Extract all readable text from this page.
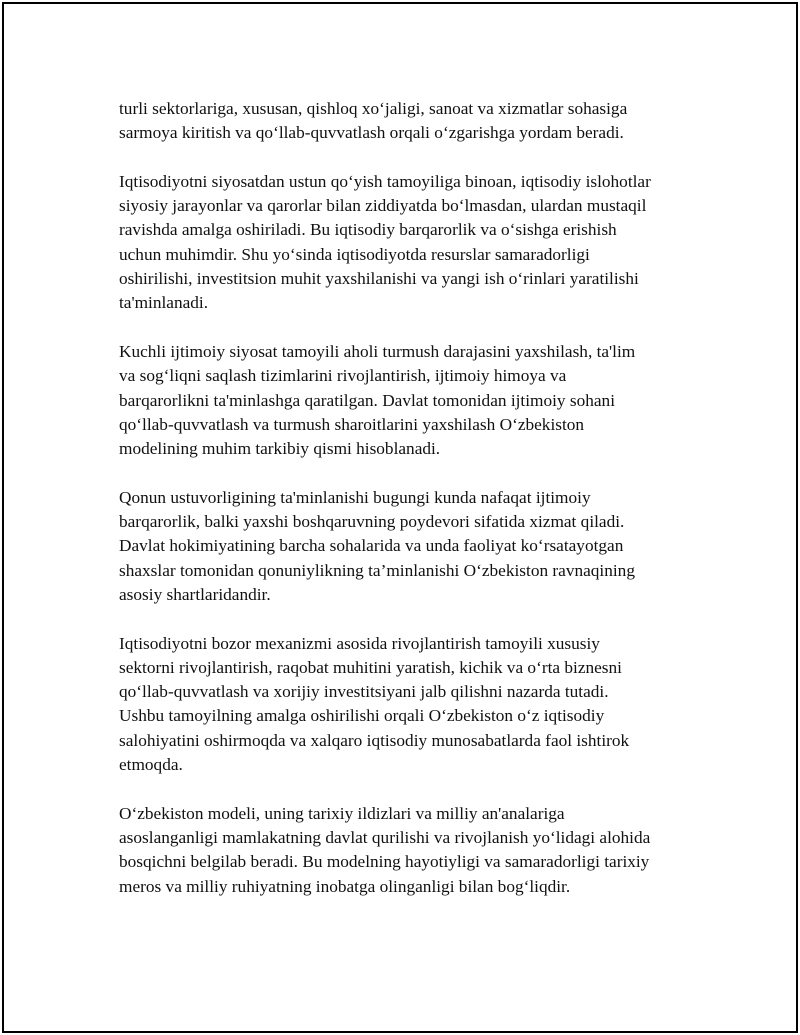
turli sektorlariga, xususan, qishloq xo‘jaligi, sanoat va xizmatlar sohasiga
sarmoya kiritish va qo‘llab-quvvatlash orqali o‘zgarishga yordam beradi.

Iqtisodiyotni siyosatdan ustun qo‘yish tamoyiliga binoan, iqtisodiy islohotlar
siyosiy jarayonlar va qarorlar bilan ziddiyatda bo‘lmasdan, ulardan mustaqil
ravishda amalga oshiriladi. Bu iqtisodiy barqarorlik va o‘sishga erishish
uchun muhimdir. Shu yo‘sinda iqtisodiyotda resurslar samaradorligi
oshirilishi, investitsion muhit yaxshilanishi va yangi ish o‘rinlari yaratilishi
ta'minlanadi.

Kuchli ijtimoiy siyosat tamoyili aholi turmush darajasini yaxshilash, ta'lim
va sog‘liqni saqlash tizimlarini rivojlantirish, ijtimoiy himoya va
barqarorlikni ta'minlashga qaratilgan. Davlat tomonidan ijtimoiy sohani
qo‘llab-quvvatlash va turmush sharoitlarini yaxshilash O‘zbekiston
modelining muhim tarkibiy qismi hisoblanadi.

Qonun ustuvorligining ta'minlanishi bugungi kunda nafaqat ijtimoiy
barqarorlik, balki yaxshi boshqaruvning poydevori sifatida xizmat qiladi.
Davlat hokimiyatining barcha sohalarida va unda faoliyat ko‘rsatayotgan
shaxslar tomonidan qonuniylikning ta’minlanishi O‘zbekiston ravnaqining
asosiy shartlaridandir.

Iqtisodiyotni bozor mexanizmi asosida rivojlantirish tamoyili xususiy
sektorni rivojlantirish, raqobat muhitini yaratish, kichik va o‘rta biznesni
qo‘llab-quvvatlash va xorijiy investitsiyani jalb qilishni nazarda tutadi.
Ushbu tamoyilning amalga oshirilishi orqali O‘zbekiston o‘z iqtisodiy
salohiyatini oshirmoqda va xalqaro iqtisodiy munosabatlarda faol ishtirok
etmoqda.

O‘zbekiston modeli, uning tarixiy ildizlari va milliy an'analariga
asoslanganligi mamlakatning davlat qurilishi va rivojlanish yo‘lidagi alohida
bosqichni belgilab beradi. Bu modelning hayotiyligi va samaradorligi tarixiy
meros va milliy ruhiyatning inobatga olinganligi bilan bog‘liqdir.
